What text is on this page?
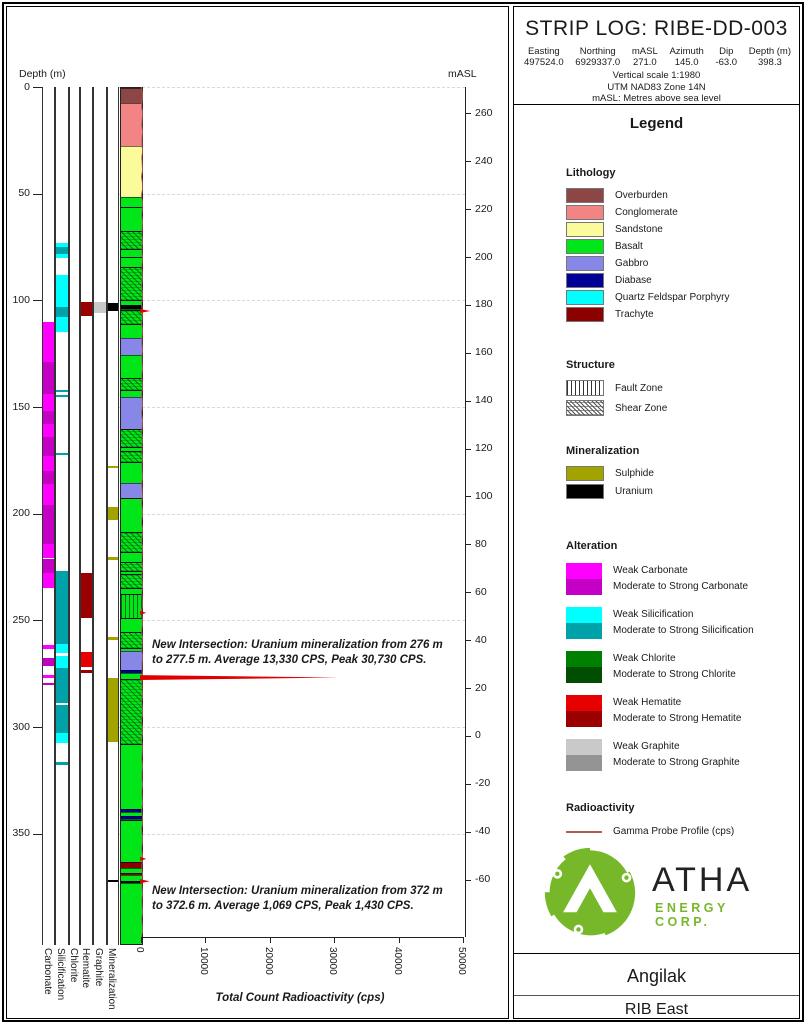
Depth (m)	mASL
New Intersection: Uranium mineralization from 276 m
to 277.5 m. Average 13,330 CPS, Peak 30,730 CPS.
New Intersection: Uranium mineralization from 372 m
to 372.6 m. Average 1,069 CPS, Peak 1,430 CPS.
Total Count Radioactivity (cps)
0
50
100
150
200
250
300
350
260
240
220
200
180
160
140
120
100
80
60
40
20
0
-20
-40
-60
Carbonate Silicification Chlorite Hematite Graphite Mineralization 0	10000	20000	30000	40000	50000
STRIP LOG: RIBE-DD-003
Easting
497524.0
Northing
6929337.0
mASL
271.0
Azimuth
145.0
Dip
-63.0
Depth (m)
398.3
Vertical scale 1:1980
UTM NAD83 Zone 14N
mASL: Metres above sea level
Legend
Lithology
Overburden
Conglomerate
Sandstone
Basalt
Gabbro
Diabase
Quartz Feldspar Porphyry
Trachyte
Structure
Fault Zone
Shear Zone
Mineralization
Sulphide
Uranium
Alteration
Weak Carbonate
Moderate to Strong Carbonate
Weak Silicification
Moderate to Strong Silicification
Weak Chlorite
Moderate to Strong Chlorite
Weak Hematite
Moderate to Strong Hematite
Weak Graphite
Moderate to Strong Graphite
Radioactivity
Gamma Probe Profile (cps)
ATHA
ENERGY CORP.
Angilak
RIB East
